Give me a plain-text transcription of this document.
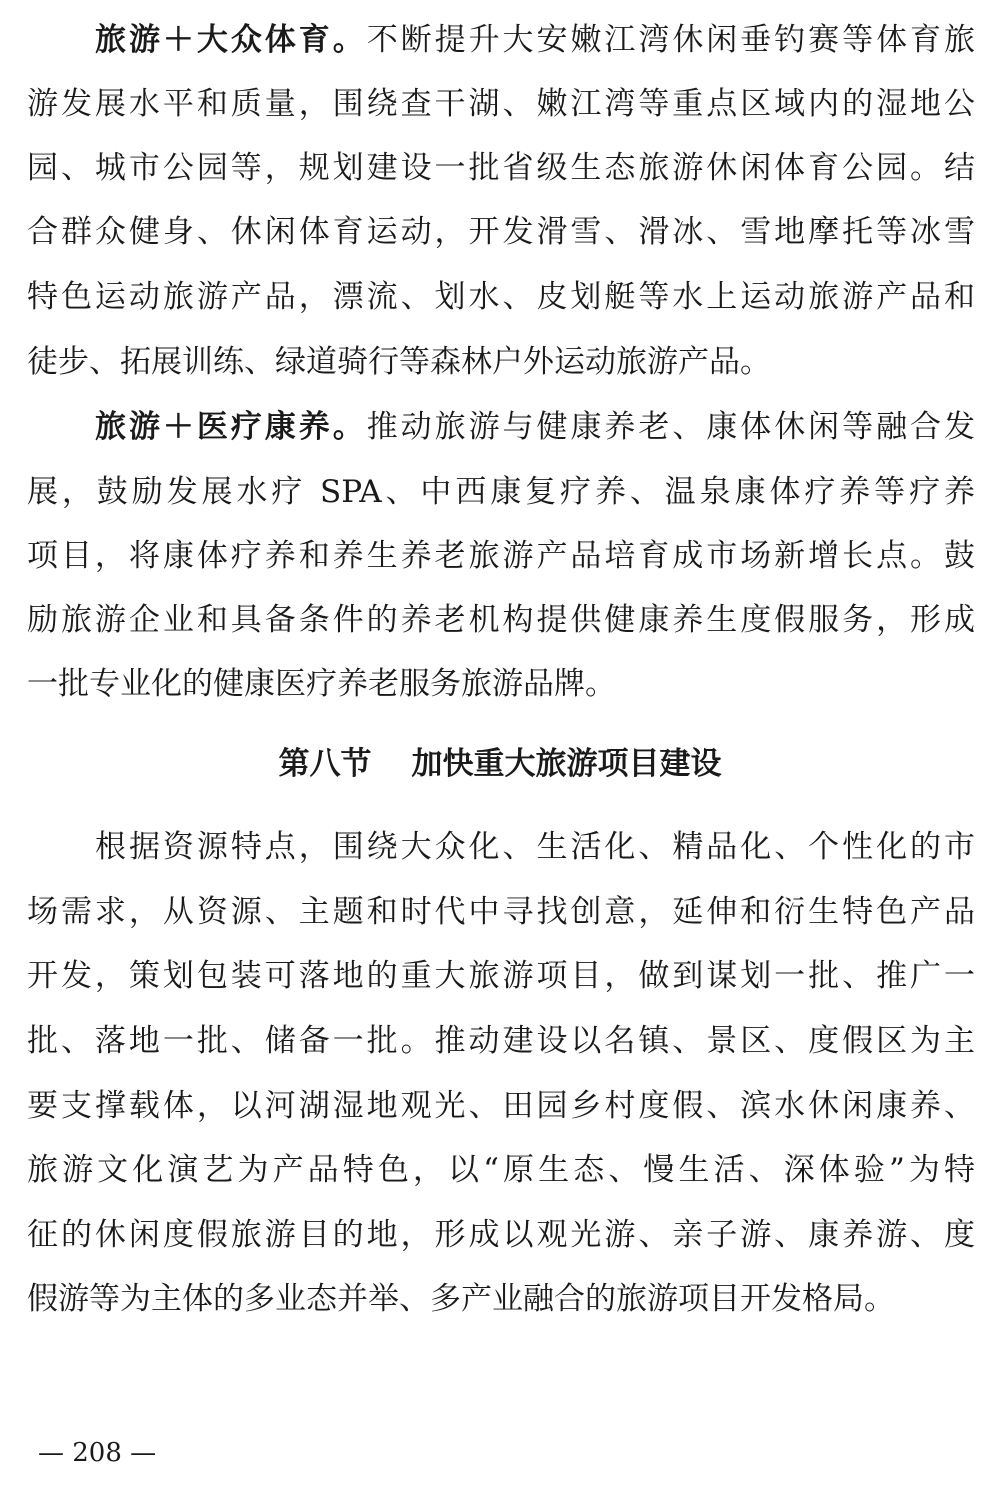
旅游＋大众体育。不断提升大安嫩江湾休闲垂钓赛等体育旅
游发展水平和质量，围绕查干湖、嫩江湾等重点区域内的湿地公
园、城市公园等，规划建设一批省级生态旅游休闲体育公园。结
合群众健身、休闲体育运动，开发滑雪、滑冰、雪地摩托等冰雪
特色运动旅游产品，漂流、划水、皮划艇等水上运动旅游产品和
徒步、拓展训练、绿道骑行等森林户外运动旅游产品。
旅游＋医疗康养。推动旅游与健康养老、康体休闲等融合发
展，鼓励发展水疗 SPA、中西康复疗养、温泉康体疗养等疗养
项目，将康体疗养和养生养老旅游产品培育成市场新增长点。鼓
励旅游企业和具备条件的养老机构提供健康养生度假服务，形成
一批专业化的健康医疗养老服务旅游品牌。
第八节 加快重大旅游项目建设
根据资源特点，围绕大众化、生活化、精品化、个性化的市
场需求，从资源、主题和时代中寻找创意，延伸和衍生特色产品
开发，策划包装可落地的重大旅游项目，做到谋划一批、推广一
批、落地一批、储备一批。推动建设以名镇、景区、度假区为主
要支撑载体，以河湖湿地观光、田园乡村度假、滨水休闲康养、
旅游文化演艺为产品特色，以“原生态、慢生活、深体验”为特
征的休闲度假旅游目的地，形成以观光游、亲子游、康养游、度
假游等为主体的多业态并举、多产业融合的旅游项目开发格局。
— 208 —
